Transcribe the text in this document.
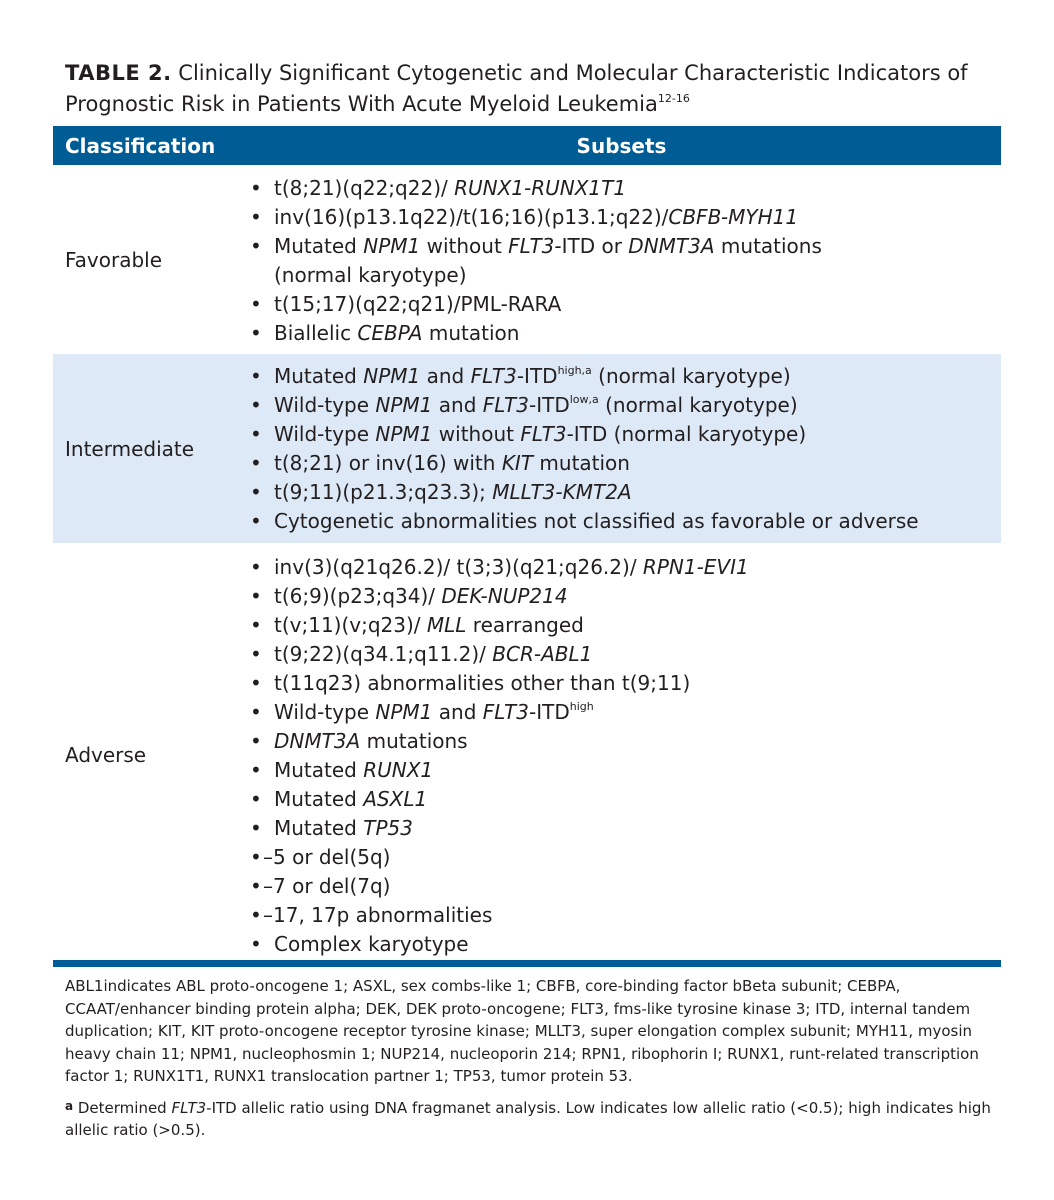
TABLE 2. Clinically Significant Cytogenetic and Molecular Characteristic Indicators of Prognostic Risk in Patients With Acute Myeloid Leukemia$^{12-16}$
Classification	Subsets
Favorable
• t(8;21)(q22;q22)/ RUNX1-RUNX1T1
• inv(16)(p13.1q22)/t(16;16)(p13.1;q22)/CBFB-MYH11
• Mutated NPM1 without FLT3-ITD or DNMT3A mutations
(normal karyotype)
• t(15;17)(q22;q21)/PML-RARA
• Biallelic CEBPA mutation
Intermediate
• Mutated NPM1 and $FLT3-ITD^{high,a}$ (normal karyotype)
• Wild-type NPM1 and $FLT3-ITD^{low,a}$ (normal karyotype)
• Wild-type NPM1 without FLT3-ITD (normal karyotype)
• t(8;21) or inv(16) with KIT mutation
• t(9;11)(p21.3;q23.3); MLLT3-KMT2A
• Cytogenetic abnormalities not classified as favorable or adverse
Adverse
• inv(3)(q21q26.2)/ t(3;3)(q21;q26.2)/ RPN1-EVI1
• t(6;9)(p23;q34)/ DEK-NUP214
• t(v;11)(v;q23)/ MLL rearranged
• t(9;22)(q34.1;q11.2)/ BCR-ABL1
• t(11q23) abnormalities other than t(9;11)
• Wild-type NPM1 and $FLT3-ITD^{high}$
• DNMT3A mutations
• Mutated RUNX1
• Mutated ASXL1
• Mutated TP53
• –5 or del(5q)
• –7 or del(7q)
• –17, 17p abnormalities
• Complex karyotype
ABL1indicates ABL proto-oncogene 1; ASXL, sex combs-like 1; CBFB, core-binding factor bBeta subunit; CEBPA, CCAAT/enhancer binding protein alpha; DEK, DEK proto-oncogene; FLT3, fms-like tyrosine kinase 3; ITD, internal tandem duplication; KIT, KIT proto-oncogene receptor tyrosine kinase; MLLT3, super elongation complex subunit; MYH11, myosin heavy chain 11; NPM1, nucleophosmin 1; NUP214, nucleoporin 214; RPN1, ribophorin I; RUNX1, runt-related transcription factor 1; RUNX1T1, RUNX1 translocation partner 1; TP53, tumor protein 53.
$^a$ Determined FLT3-ITD allelic ratio using DNA fragmanet analysis. Low indicates low allelic ratio (<0.5); high indicates high allelic ratio (>0.5).
